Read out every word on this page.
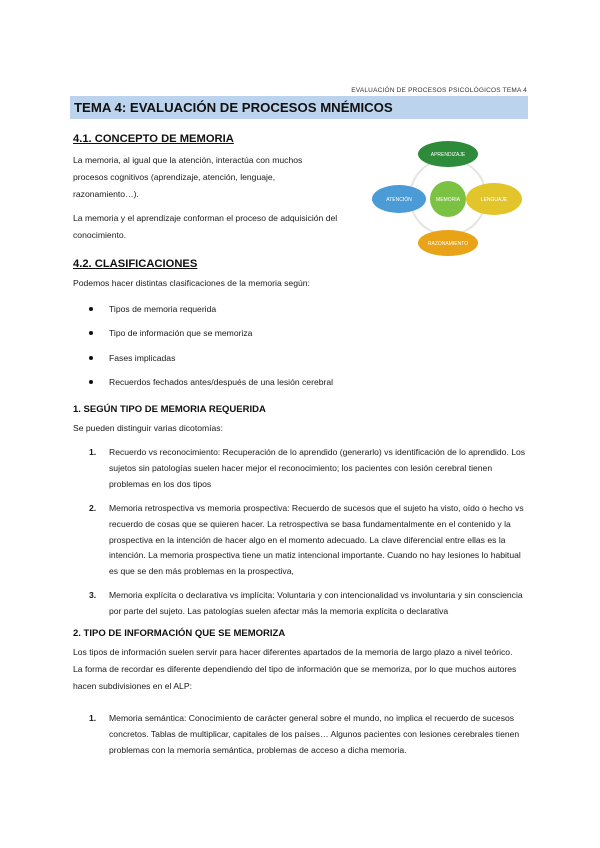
EVALUACIÓN DE PROCESOS PSICOLÓGICOS TEMA 4
TEMA 4: EVALUACIÓN DE PROCESOS MNÉMICOS
4.1. CONCEPTO DE MEMORIA
La memoria, al igual que la atención, interactúa con muchos procesos cognitivos (aprendizaje, atención, lenguaje, razonamiento…).
La memoria y el aprendizaje conforman el proceso de adquisición del conocimiento.
APRENDIZAJE
ATENCIÓN	LENGUAJE
RAZONAMIENTO
MEMORIA
4.2. CLASIFICACIONES
Podemos hacer distintas clasificaciones de la memoria según:
Tipos de memoria requerida
Tipo de información que se memoriza
Fases implicadas
Recuerdos fechados antes/después de una lesión cerebral
1. SEGÚN TIPO DE MEMORIA REQUERIDA
Se pueden distinguir varias dicotomías:
1. Recuerdo vs reconocimiento: Recuperación de lo aprendido (generarlo) vs identificación de lo aprendido. Los sujetos sin patologías suelen hacer mejor el reconocimiento; los pacientes con lesión cerebral tienen problemas en los dos tipos
2. Memoria retrospectiva vs memoria prospectiva: Recuerdo de sucesos que el sujeto ha visto, oído o hecho vs recuerdo de cosas que se quieren hacer. La retrospectiva se basa fundamentalmente en el contenido y la prospectiva en la intención de hacer algo en el momento adecuado. La clave diferencial entre ellas es la intención. La memoria prospectiva tiene un matiz intencional importante. Cuando no hay lesiones lo habitual es que se den más problemas en la prospectiva,
3. Memoria explícita o declarativa vs implícita: Voluntaria y con intencionalidad vs involuntaria y sin consciencia por parte del sujeto. Las patologías suelen afectar más la memoria explícita o declarativa
2. TIPO DE INFORMACIÓN QUE SE MEMORIZA
Los tipos de información suelen servir para hacer diferentes apartados de la memoria de largo plazo a nivel teórico. La forma de recordar es diferente dependiendo del tipo de información que se memoriza, por lo que muchos autores hacen subdivisiones en el ALP:
1. Memoria semántica: Conocimiento de carácter general sobre el mundo, no implica el recuerdo de sucesos concretos. Tablas de multiplicar, capitales de los países… Algunos pacientes con lesiones cerebrales tienen problemas con la memoria semántica, problemas de acceso a dicha memoria.
